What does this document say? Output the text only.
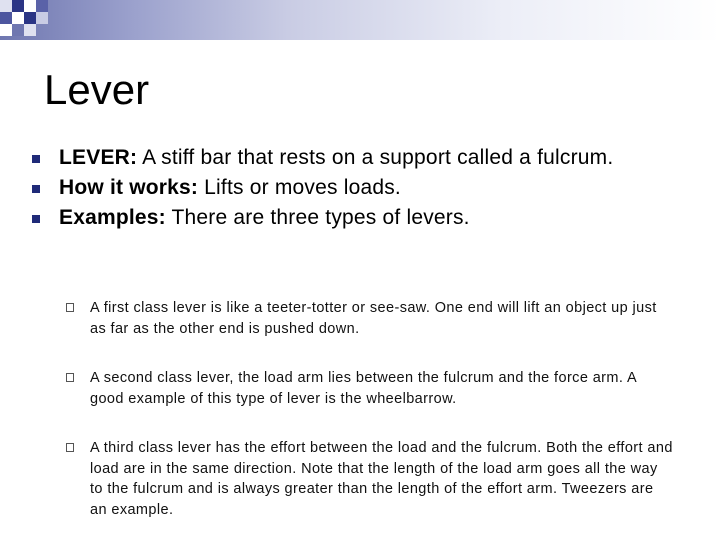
Lever
LEVER: A stiff bar that rests on a support called a fulcrum.
How it works: Lifts or moves loads.
Examples: There are three types of levers.
A first class lever is like a teeter-totter or see-saw. One end will lift an object up just as far as the other end is pushed down.
A second class lever, the load arm lies between the fulcrum and the force arm. A good example of this type of lever is the wheelbarrow.
A third class lever has the effort between the load and the fulcrum. Both the effort and load are in the same direction. Note that the length of the load arm goes all the way to the fulcrum and is always greater than the length of the effort arm. Tweezers are an example.
